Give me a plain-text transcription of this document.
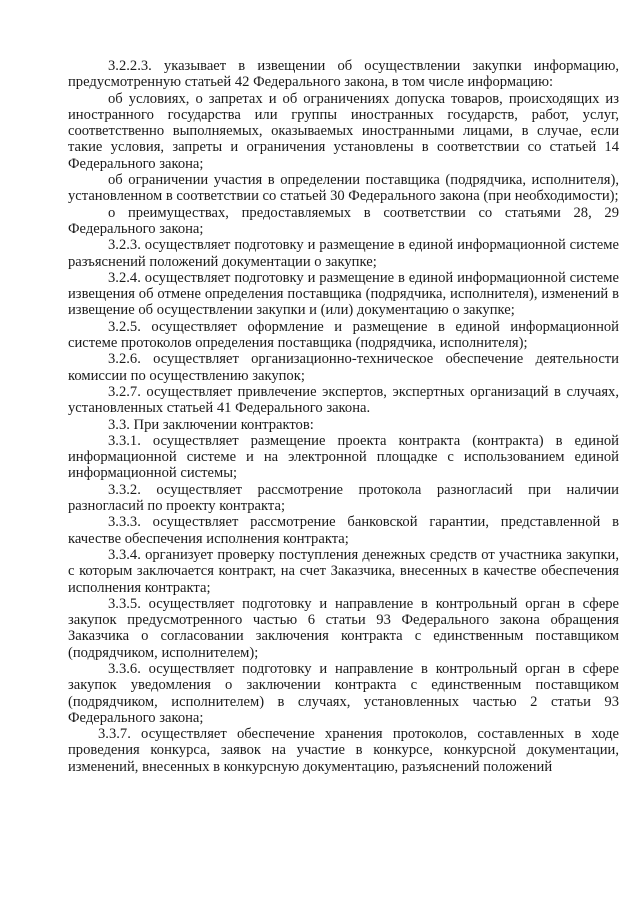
3.2.2.3. указывает в извещении об осуществлении закупки информацию, предусмотренную статьей 42 Федерального закона, в том числе информацию:

об условиях, о запретах и об ограничениях допуска товаров, происходящих из иностранного государства или группы иностранных государств, работ, услуг, соответственно выполняемых, оказываемых иностранными лицами, в случае, если такие условия, запреты и ограничения установлены в соответствии со статьей 14 Федерального закона;

об ограничении участия в определении поставщика (подрядчика, исполнителя), установленном в соответствии со статьей 30 Федерального закона (при необходимости);

о преимуществах, предоставляемых в соответствии со статьями 28, 29 Федерального закона;

3.2.3. осуществляет подготовку и размещение в единой информационной системе разъяснений положений документации о закупке;

3.2.4. осуществляет подготовку и размещение в единой информационной системе извещения об отмене определения поставщика (подрядчика, исполнителя), изменений в извещение об осуществлении закупки и (или) документацию о закупке;

3.2.5. осуществляет оформление и размещение в единой информационной системе протоколов определения поставщика (подрядчика, исполнителя);

3.2.6. осуществляет организационно-техническое обеспечение деятельности комиссии по осуществлению закупок;

3.2.7. осуществляет привлечение экспертов, экспертных организаций в случаях, установленных статьей 41 Федерального закона.

3.3. При заключении контрактов:

3.3.1. осуществляет размещение проекта контракта (контракта) в единой информационной системе и на электронной площадке с использованием единой информационной системы;

3.3.2. осуществляет рассмотрение протокола разногласий при наличии разногласий по проекту контракта;

3.3.3. осуществляет рассмотрение банковской гарантии, представленной в качестве обеспечения исполнения контракта;

3.3.4. организует проверку поступления денежных средств от участника закупки, с которым заключается контракт, на счет Заказчика, внесенных в качестве обеспечения исполнения контракта;

3.3.5. осуществляет подготовку и направление в контрольный орган в сфере закупок предусмотренного частью 6 статьи 93 Федерального закона обращения Заказчика о согласовании заключения контракта с единственным поставщиком (подрядчиком, исполнителем);

3.3.6. осуществляет подготовку и направление в контрольный орган в сфере закупок уведомления о заключении контракта с единственным поставщиком (подрядчиком, исполнителем) в случаях, установленных частью 2 статьи 93 Федерального закона;

3.3.7. осуществляет обеспечение хранения протоколов, составленных в ходе проведения конкурса, заявок на участие в конкурсе, конкурсной документации, изменений, внесенных в конкурсную документацию, разъяснений положений
